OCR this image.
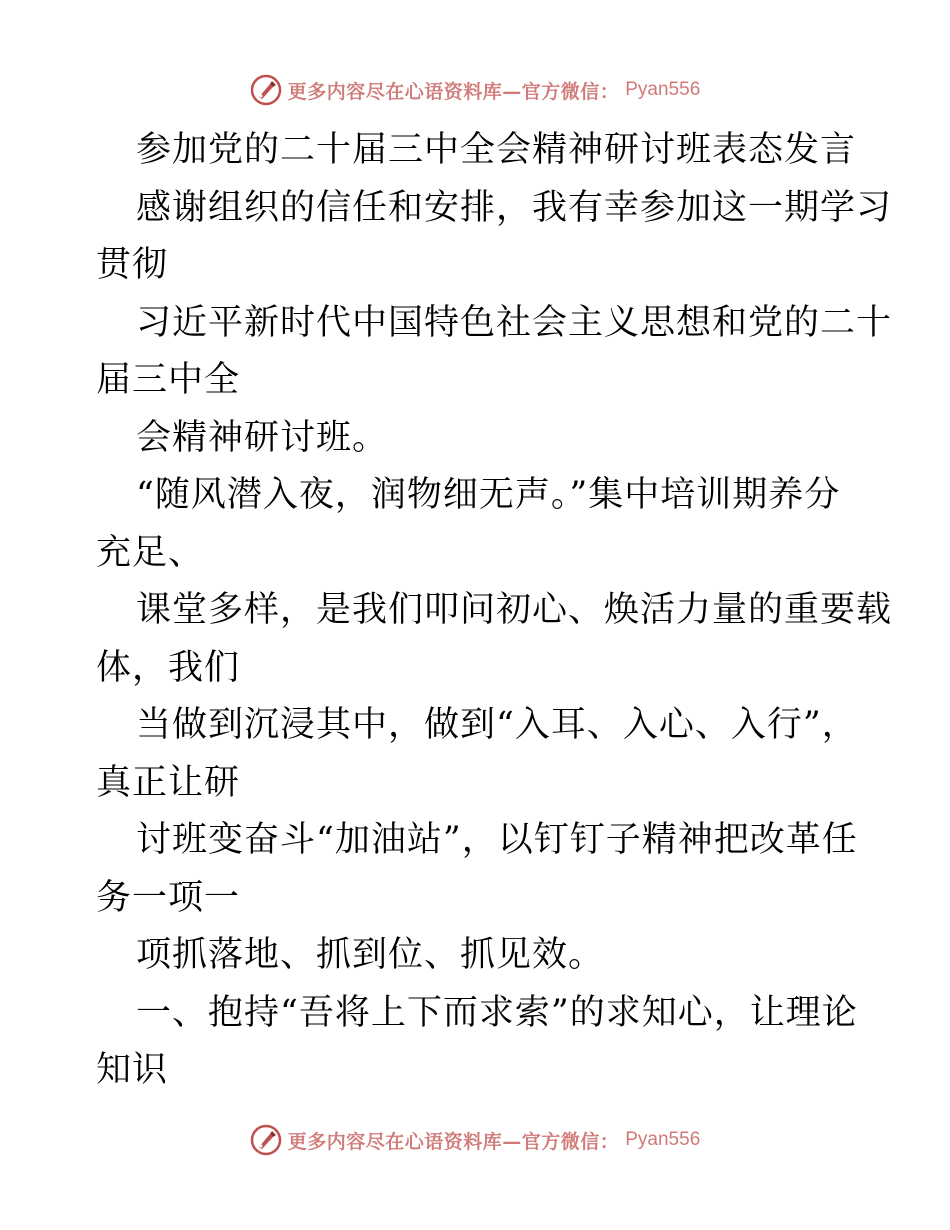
更多内容尽在心语资料库—官方微信： Pyan556
参加党的二十届三中全会精神研讨班表态发言
感谢组织的信任和安排，我有幸参加这一期学习
贯彻
习近平新时代中国特色社会主义思想和党的二十
届三中全
会精神研讨班。
“随风潜入夜，润物细无声。”集中培训期养分
充足、
课堂多样，是我们叩问初心、焕活力量的重要载
体，我们
当做到沉浸其中，做到“入耳、入心、入行”，
真正让研
讨班变奋斗“加油站”，以钉钉子精神把改革任
务一项一
项抓落地、抓到位、抓见效。
一、抱持“吾将上下而求索”的求知心，让理论
知识
更多内容尽在心语资料库—官方微信： Pyan556
